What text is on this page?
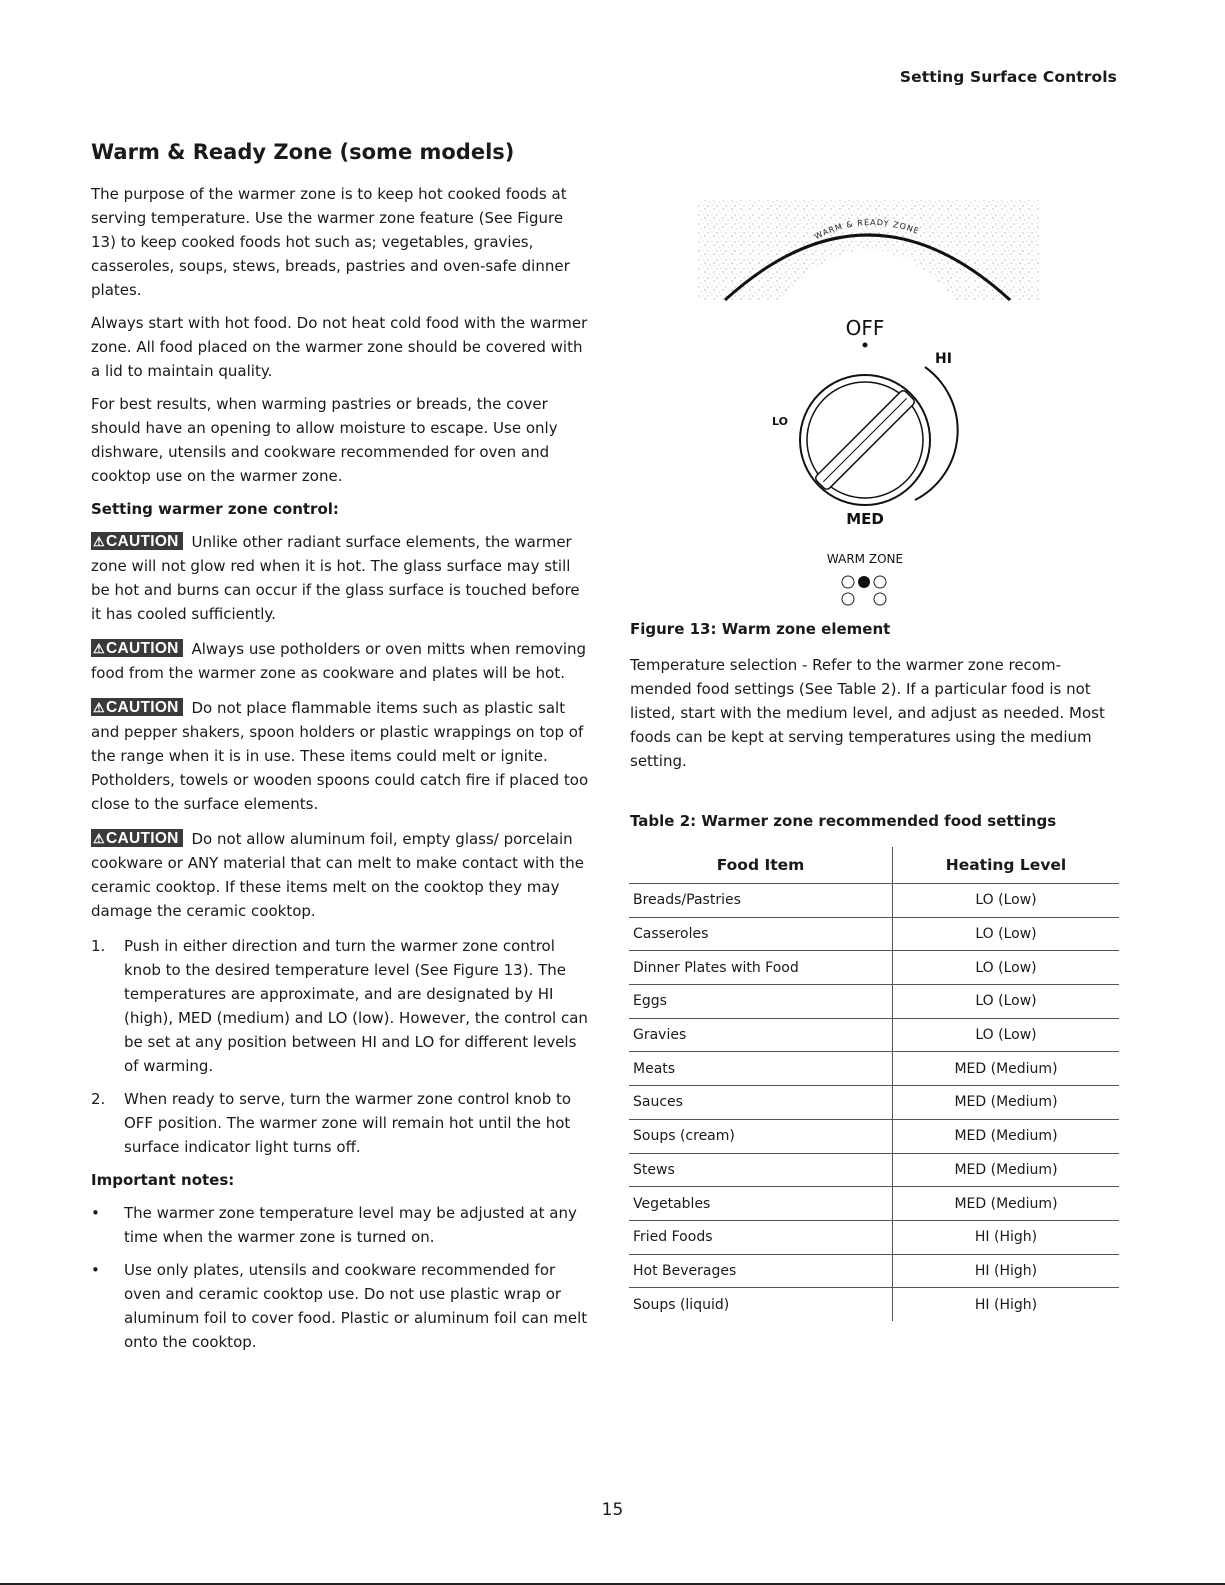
Setting Surface Controls
Warm & Ready Zone (some models)

The purpose of the warmer zone is to keep hot cooked foods at serving temperature. Use the warmer zone feature (See Figure 13) to keep cooked foods hot such as; vegetables, gravies, casseroles, soups, stews, breads, pastries and oven-safe dinner plates.

Always start with hot food. Do not heat cold food with the warmer zone. All food placed on the warmer zone should be covered with a lid to maintain quality.

For best results, when warming pastries or breads, the cover should have an opening to allow moisture to escape. Use only dishware, utensils and cookware recommended for oven and cooktop use on the warmer zone.

Setting warmer zone control:

⚠CAUTION Unlike other radiant surface elements, the warmer zone will not glow red when it is hot. The glass surface may still be hot and burns can occur if the glass surface is touched before it has cooled sufficiently.

⚠CAUTION Always use potholders or oven mitts when removing food from the warmer zone as cookware and plates will be hot.

⚠CAUTION Do not place flammable items such as plastic salt and pepper shakers, spoon holders or plastic wrappings on top of the range when it is in use. These items could melt or ignite. Potholders, towels or wooden spoons could catch fire if placed too close to the surface elements.

⚠CAUTION Do not allow aluminum foil, empty glass/ porcelain cookware or ANY material that can melt to make contact with the ceramic cooktop. If these items melt on the cooktop they may damage the ceramic cooktop.

1. Push in either direction and turn the warmer zone control knob to the desired temperature level (See Figure 13). The temperatures are approximate, and are designated by HI (high), MED (medium) and LO (low). However, the control can be set at any position between HI and LO for different levels of warming.
2. When ready to serve, turn the warmer zone control knob to OFF position. The warmer zone will remain hot until the hot surface indicator light turns off.

Important notes:

• The warmer zone temperature level may be adjusted at any time when the warmer zone is turned on.
• Use only plates, utensils and cookware recommended for oven and ceramic cooktop use. Do not use plastic wrap or aluminum foil to cover food. Plastic or aluminum foil can melt onto the cooktop.
WARM & READY ZONE
OFF
HI
LO
MED
WARM ZONE

Figure 13: Warm zone element

Temperature selection - Refer to the warmer zone recom-mended food settings (See Table 2). If a particular food is not listed, start with the medium level, and adjust as needed. Most foods can be kept at serving temperatures using the medium setting.

Table 2: Warmer zone recommended food settings

Food Item	Heating Level
Breads/Pastries	LO (Low)
Casseroles	LO (Low)
Dinner Plates with Food	LO (Low)
Eggs	LO (Low)
Gravies	LO (Low)
Meats	MED (Medium)
Sauces	MED (Medium)
Soups (cream)	MED (Medium)
Stews	MED (Medium)
Vegetables	MED (Medium)
Fried Foods	HI (High)
Hot Beverages	HI (High)
Soups (liquid)	HI (High)
15
